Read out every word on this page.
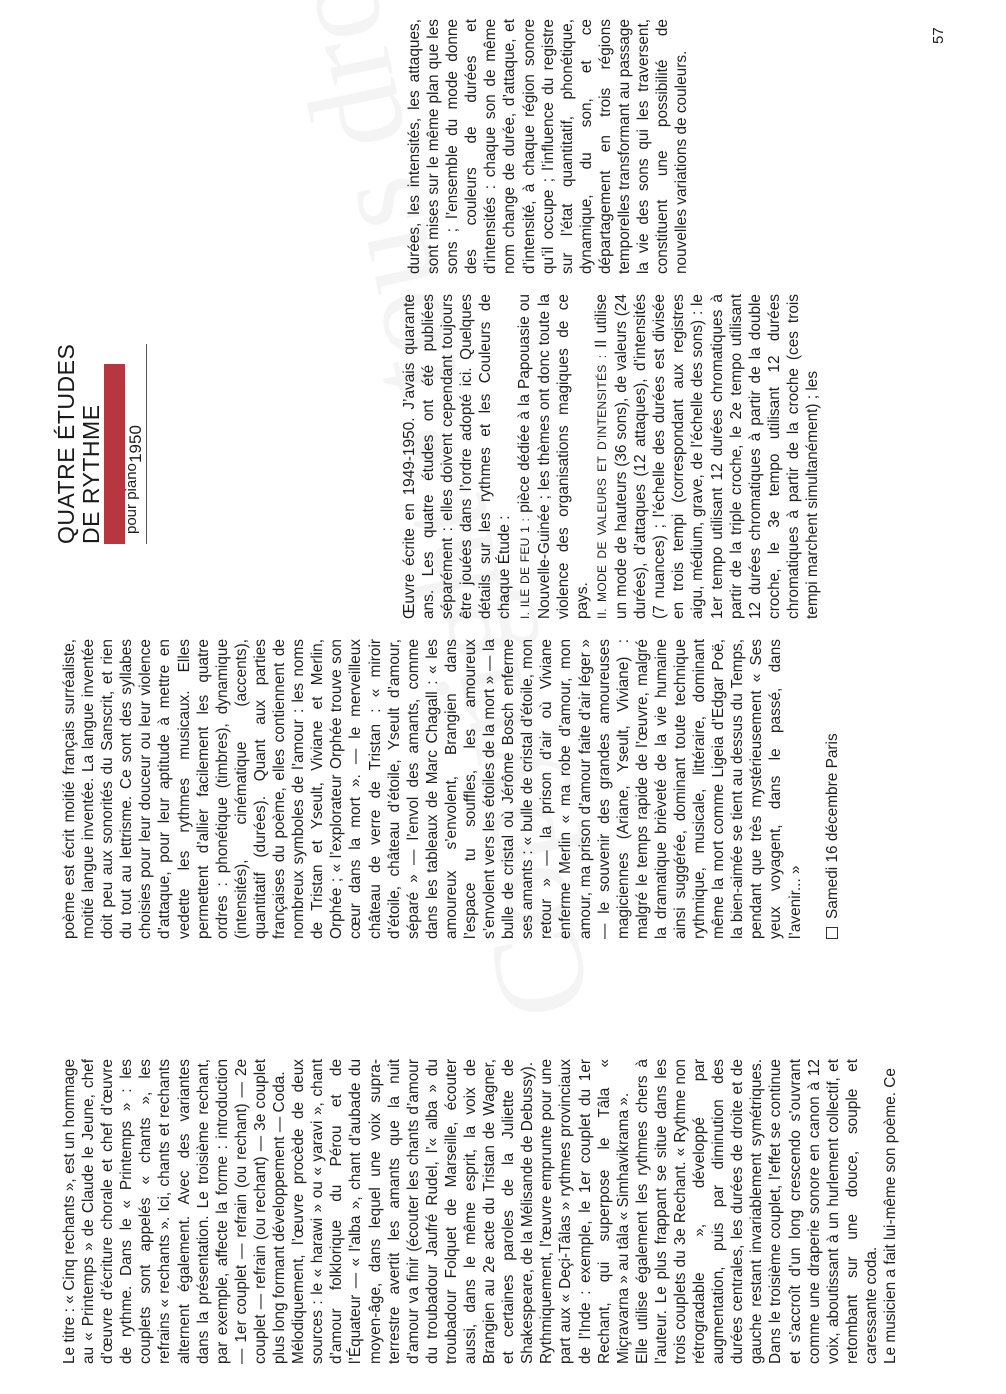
Le titre : « Cinq rechants », est un hommage au « Printemps » de Claude le Jeune, chef d’œuvre d’écriture chorale et chef d’œuvre de rythme. Dans le « Printemps » : les couplets sont appelés « chants », les refrains « rechants ». Ici, chants et rechants alternent également. Avec des variantes dans la présentation. Le troisième rechant, par exemple, affecte la forme : introduction — 1er couplet — refrain (ou rechant) — 2e couplet — refrain (ou rechant) — 3e couplet plus long formant développement — Coda. Mélodiquement, l’œuvre procède de deux sources : le « harawi » ou « yaravi », chant d’amour folklorique du Pérou et de l’Équateur — « l’alba », chant d’aubade du moyen-âge, dans lequel une voix supra-terrestre avertit les amants que la nuit d’amour va finir (écouter les chants d’amour du troubadour Jaufré Rudel, l’« alba » du troubadour Folquet de Marseille, écouter aussi, dans le même esprit, la voix de Brangien au 2e acte du Tristan de Wagner, et certaines paroles de la Juliette de Shakespeare, de la Mélisande de Debussy). Rythmiquement, l’œuvre emprunte pour une part aux « Deçi-Tâlas » rythmes provinciaux de l’Inde : exemple, le 1er couplet du 1er Rechant, qui superpose le Tâla « Miçravarna » au tâla « Simhavikrama ». Elle utilise également les rythmes chers à l’auteur. Le plus frappant se situe dans les trois couplets du 3e Rechant. « Rythme non rétrogradable », développé par augmentation, puis par diminution des durées centrales, les durées de droite et de gauche restant invariablement symétriques. Dans le troisième couplet, l’effet se continue et s’accroît d’un long crescendo s’ouvrant comme une draperie sonore en canon à 12 voix, aboutissant à un hurlement collectif, et retombant sur une douce, souple et caressante coda. Le musicien a fait lui-même son poème. Ce

poème est écrit moitié français surréaliste, moitié langue inventée. La langue inventée doit peu aux sonorités du Sanscrit, et rien du tout au lettrisme. Ce sont des syllabes choisies pour leur douceur ou leur violence d’attaque, pour leur aptitude à mettre en vedette les rythmes musicaux. Elles permettent d’allier facilement les quatre ordres : phonétique (timbres), dynamique (intensités), cinématique (accents), quantitatif (durées). Quant aux parties françaises du poème, elles contiennent de nombreux symboles de l’amour : les noms de Tristan et Yseult, Viviane et Merlin, Orphée ; « l’explorateur Orphée trouve son cœur dans la mort ». — le merveilleux château de verre de Tristan : « miroir d’étoile, château d’étoile, Yseult d’amour, séparé » — l’envol des amants, comme dans les tableaux de Marc Chagall : « les amoureux s’envolent, Brangien dans l’espace tu souffles, les amoureux s’envolent vers les étoiles de la mort » — la bulle de cristal où Jérôme Bosch enferme ses amants : « bulle de cristal d’étoile, mon retour » — la prison d’air où Viviane enferme Merlin « ma robe d’amour, mon amour, ma prison d’amour faite d’air léger » — le souvenir des grandes amoureuses magiciennes (Ariane, Yseult, Viviane) : malgré le temps rapide de l’œuvre, malgré la dramatique brièveté de la vie humaine ainsi suggérée, dominant toute technique rythmique, musicale, littéraire, dominant même la mort comme Ligeia d’Edgar Poë, la bien-aimée se tient au dessus du Temps, pendant que très mystérieusement « Ses yeux voyagent, dans le passé, dans l’avenir... » Samedi 16 décembre Paris
QUATRE ÉTUDES DE RYTHME 1950
pour piano	Œuvre écrite en 1949-1950. J’avais quarante ans. Les quatre études ont été publiées séparément : elles doivent cependant toujours être jouées dans l’ordre adopté ici. Quelques détails sur les rythmes et les Couleurs de chaque Étude : I. ILE DE FEU 1 : pièce dédiée à la Papouasie ou Nouvelle-Guinée ; les thèmes ont donc toute la violence des organisations magiques de ce pays. II. MODE DE VALEURS ET D’INTENSITÉS : Il utilise un mode de hauteurs (36 sons), de valeurs (24 durées), d’attaques (12 attaques), d’intensités (7 nuances) ; l’échelle des durées est divisée en trois tempi (correspondant aux registres aigu, médium, grave, de l’échelle des sons) : le 1er tempo utilisant 12 durées chromatiques à partir de la triple croche, le 2e tempo utilisant 12 durées chromatiques à partir de la double croche, le 3e tempo utilisant 12 durées chromatiques à partir de la croche (ces trois tempi marchent simultanément) ; les

durées, les intensités, les attaques, sont mises sur le même plan que les sons ; l’ensemble du mode donne des couleurs de durées et d’intensités : chaque son de même nom change de durée, d’attaque, et d’intensité, à chaque région sonore qu’il occupe ; l’influence du registre sur l’état quantitatif, phonétique, dynamique, du son, et ce départagement en trois régions temporelles transformant au passage la vie des sons qui les traversent, constituent une possibilité de nouvelles variations de couleurs.

57
